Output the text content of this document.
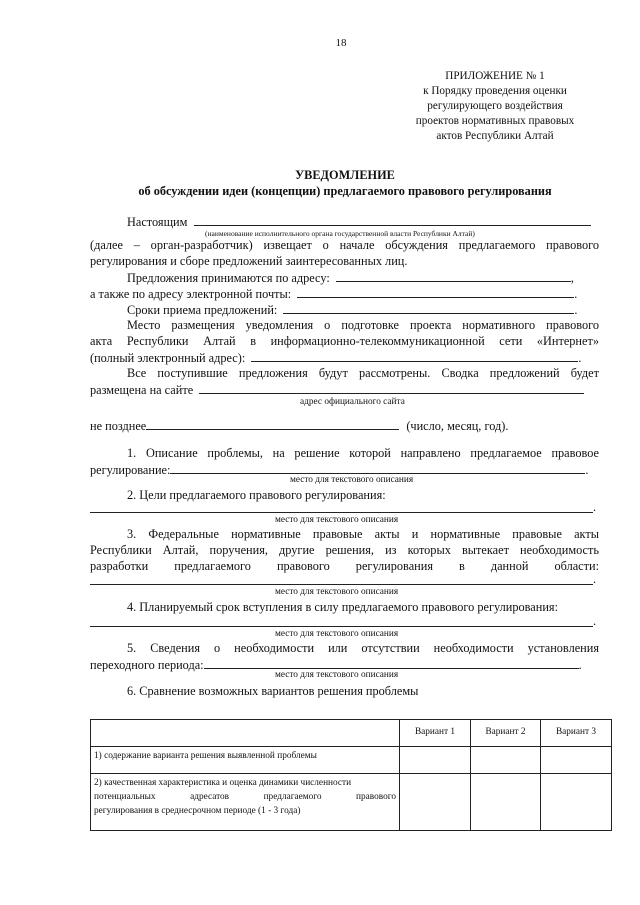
18
ПРИЛОЖЕНИЕ № 1
к Порядку проведения оценки
регулирующего воздействия
проектов нормативных правовых
актов Республики Алтай
УВЕДОМЛЕНИЕ
об обсуждении идеи (концепции) предлагаемого правового регулирования
Настоящим
(наименование исполнительного органа государственной власти Республики Алтай)
(далее – орган-разработчик) извещает о начале обсуждения предлагаемого правового
регулирования и сборе предложений заинтересованных лиц.
Предложения принимаются по адресу:	,
а также по адресу электронной почты:	.
Сроки приема предложений:	.
Место размещения уведомления о подготовке проекта нормативного правового
акта Республики Алтай в информационно-телекоммуникационной сети «Интернет»
(полный электронный адрес):	.
Все поступившие предложения будут рассмотрены. Сводка предложений будет
размещена на сайте
адрес официального сайта
не позднее	(число, месяц, год).
1. Описание проблемы, на решение которой направлено предлагаемое правовое
регулирование:	.
место для текстового описания
2. Цели предлагаемого правового регулирования:
.
место для текстового описания
3. Федеральные нормативные правовые акты и нормативные правовые акты
Республики Алтай, поручения, другие решения, из которых вытекает необходимость
разработки предлагаемого правового регулирования в данной области:
.
место для текстового описания
4. Планируемый срок вступления в силу предлагаемого правового регулирования:
.
место для текстового описания
5. Сведения о необходимости или отсутствии необходимости установления
переходного периода:	.
место для текстового описания
6. Сравнение возможных вариантов решения проблемы
	Вариант 1	Вариант 2	Вариант 3
1) содержание варианта решения выявленной проблемы			

2) качественная характеристика и оценка динамики численности
потенциальных адресатов предлагаемого правового
регулирования в среднесрочном периоде (1 - 3 года)			
